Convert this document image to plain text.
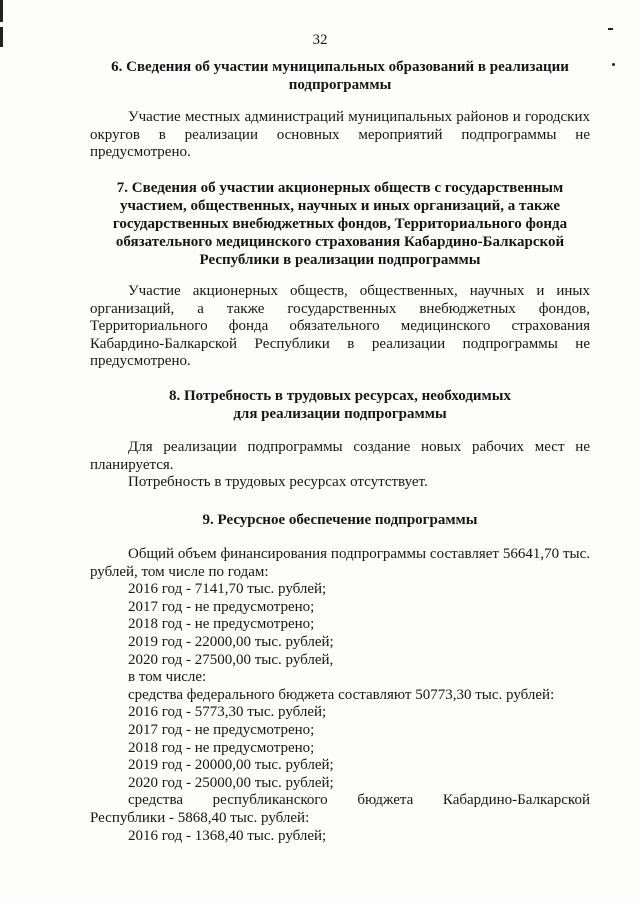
32
6. Сведения об участии муниципальных образований в реализации
подпрограммы
Участие местных администраций муниципальных районов и городских
округов в реализации основных мероприятий подпрограммы не
предусмотрено.
7. Сведения об участии акционерных обществ с государственным
участием, общественных, научных и иных организаций, а также
государственных внебюджетных фондов, Территориального фонда
обязательного медицинского страхования Кабардино-Балкарской
Республики в реализации подпрограммы
Участие акционерных обществ, общественных, научных и иных
организаций, а также государственных внебюджетных фондов,
Территориального фонда обязательного медицинского страхования
Кабардино-Балкарской Республики в реализации подпрограммы не
предусмотрено.
8. Потребность в трудовых ресурсах, необходимых
для реализации подпрограммы
Для реализации подпрограммы создание новых рабочих мест не
планируется.
Потребность в трудовых ресурсах отсутствует.
9. Ресурсное обеспечение подпрограммы
Общий объем финансирования подпрограммы составляет 56641,70 тыс.
рублей, том числе по годам:
2016 год - 7141,70 тыс. рублей;
2017 год - не предусмотрено;
2018 год - не предусмотрено;
2019 год - 22000,00 тыс. рублей;
2020 год - 27500,00 тыс. рублей,
в том числе:
средства федерального бюджета составляют 50773,30 тыс. рублей:
2016 год - 5773,30 тыс. рублей;
2017 год - не предусмотрено;
2018 год - не предусмотрено;
2019 год - 20000,00 тыс. рублей;
2020 год - 25000,00 тыс. рублей;
средства республиканского бюджета Кабардино-Балкарской
Республики - 5868,40 тыс. рублей:
2016 год - 1368,40 тыс. рублей;
